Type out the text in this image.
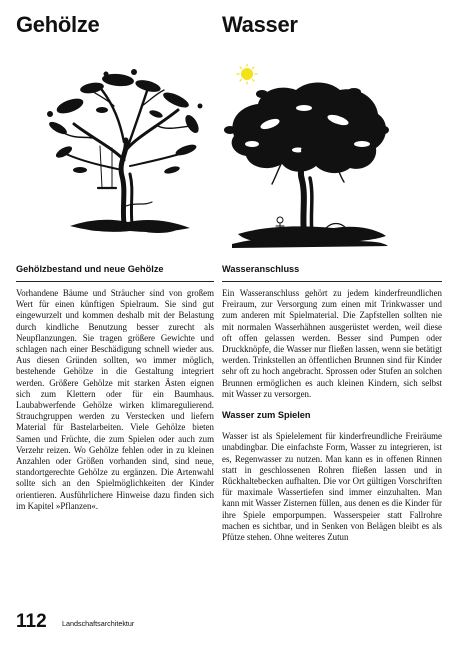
Gehölze	Wasser
Gehölzbestand und neue Gehölze	Wasseranschluss

Vorhandene Bäume und Sträucher sind von großem Wert für einen künftigen Spielraum. Sie sind gut eingewurzelt und kommen deshalb mit der Belastung durch kindliche Benutzung besser zurecht als Neupflanzungen. Sie tragen größere Gewichte und schlagen nach einer Beschädigung schnell wieder aus. Aus diesen Gründen sollten, wo immer möglich, bestehende Gehölze in die Gestaltung integriert werden. Größere Gehölze mit starken Ästen eignen sich zum Klettern oder für ein Baumhaus. Laubabwerfende Gehölze wirken klimaregulierend. Strauchgruppen werden zu Verstecken und liefern Material für Bastelarbeiten. Viele Gehölze bieten Samen und Früchte, die zum Spielen oder auch zum Verzehr reizen. Wo Gehölze fehlen oder in zu kleinen Anzahlen oder Größen vorhanden sind, sind neue, standortgerechte Gehölze zu ergänzen. Die Artenwahl sollte sich an den Spielmöglichkeiten der Kinder orientieren. Ausführlichere Hinweise dazu finden sich im Kapitel »Pflanzen«.

Ein Wasseranschluss gehört zu jedem kinderfreundlichen Freiraum, zur Versorgung zum einen mit Trinkwasser und zum anderen mit Spielmaterial. Die Zapfstellen sollten nie mit normalen Wasserhähnen ausgerüstet werden, weil diese oft offen gelassen werden. Besser sind Pumpen oder Druckknöpfe, die Wasser nur fließen lassen, wenn sie betätigt werden. Trinkstellen an öffentlichen Brunnen sind für Kinder sehr oft zu hoch angebracht. Sprossen oder Stufen an solchen Brunnen ermöglichen es auch kleinen Kindern, sich selbst mit Wasser zu versorgen.

Wasser zum Spielen

Wasser ist als Spielelement für kinderfreundliche Freiräume unabdingbar. Die einfachste Form, Wasser zu integrieren, ist es, Regenwasser zu nutzen. Man kann es in offenen Rinnen statt in geschlossenen Rohren fließen lassen und in Rückhaltebecken aufhalten. Die vor Ort gültigen Vorschriften für maximale Wassertiefen sind immer einzuhalten. Man kann mit Wasser Zisternen füllen, aus denen es die Kinder für ihre Spiele emporpumpen. Wasserspeier statt Fallrohre machen es sichtbar, und in Senken von Belägen bleibt es als Pfütze stehen. Ohne weiteres Zutun

112 Landschaftsarchitektur
